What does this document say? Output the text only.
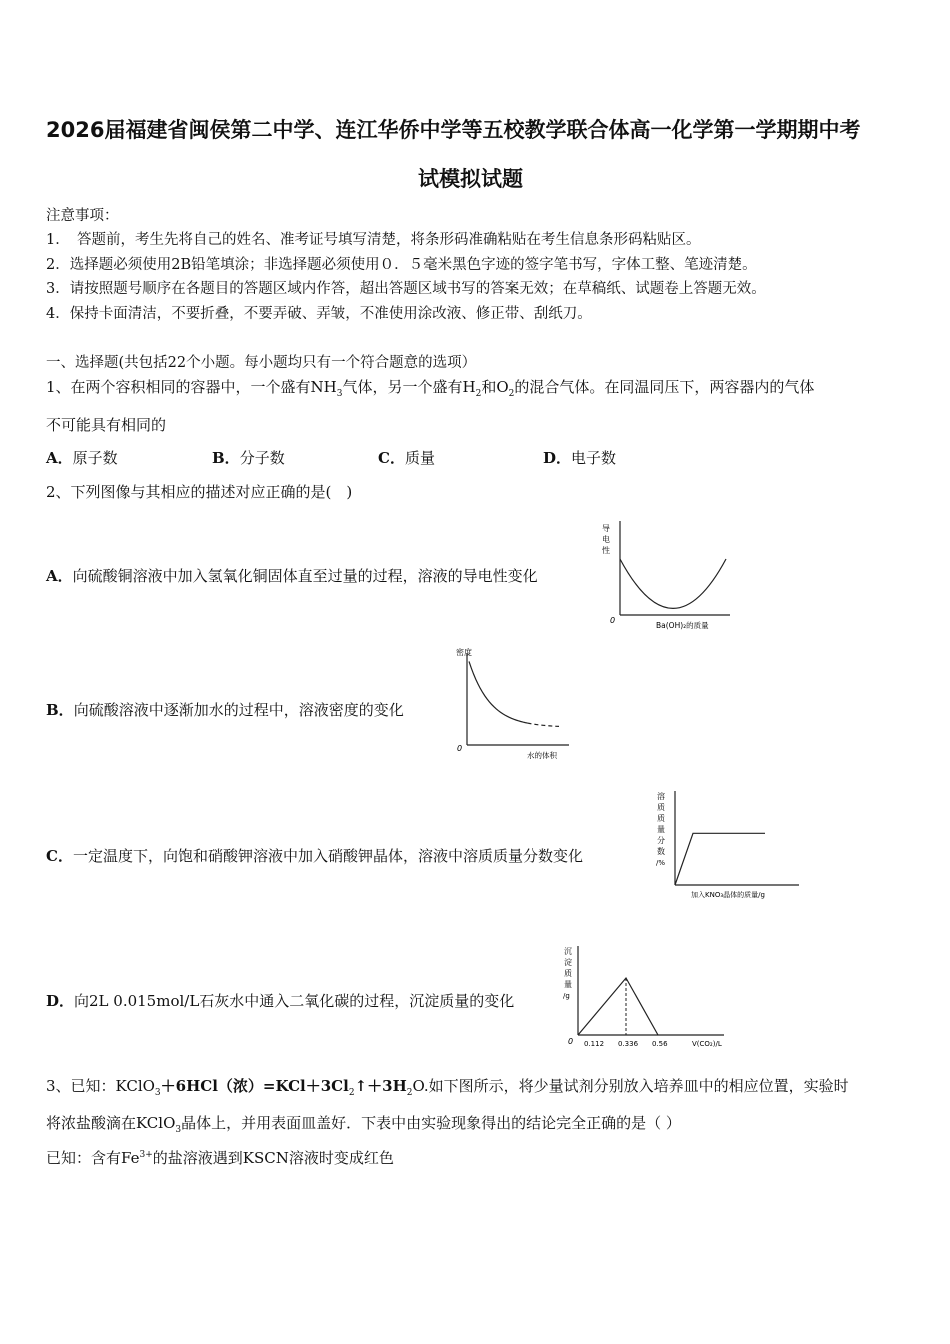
2026届福建省闽侯第二中学、连江华侨中学等五校教学联合体高一化学第一学期期中考
试模拟试题
注意事项：
1．　答题前，考生先将自己的姓名、准考证号填写清楚，将条形码准确粘贴在考生信息条形码粘贴区。
2．选择题必须使用2B铅笔填涂；非选择题必须使用０．５毫米黑色字迹的签字笔书写，字体工整、笔迹清楚。
3．请按照题号顺序在各题目的答题区域内作答，超出答题区域书写的答案无效；在草稿纸、试题卷上答题无效。
4．保持卡面清洁，不要折叠，不要弄破、弄皱，不准使用涂改液、修正带、刮纸刀。
一、选择题(共包括22个小题。每小题均只有一个符合题意的选项）
1、在两个容积相同的容器中，一个盛有$NH_3$气体，另一个盛有$H_2$和$O_2$的混合气体。在同温同压下，两容器内的气体
不可能具有相同的
A．原子数	B．分子数	C．质量	D．电子数
2、下列图像与其相应的描述对应正确的是(　)
A．向硫酸铜溶液中加入氢氧化铜固体直至过量的过程，溶液的导电性变化
B．向硫酸溶液中逐渐加水的过程中，溶液密度的变化
C．一定温度下，向饱和硝酸钾溶液中加入硝酸钾晶体，溶液中溶质质量分数变化
D．向2L 0.015mol/L石灰水中通入二氧化碳的过程，沉淀质量的变化
导
电
性
0
Ba(OH)₂的质量
密度
0
水的体积
溶
质
质
量
分
数
/%
加入KNO₃晶体的质量/g
沉
淀
质
量
/g
0 0.112 0.336 0.56	V(CO₂)/L
3、已知：KClO$_3$＋6HCl（浓）$=KCl+3Cl_2↑+3H_2O$.如下图所示，将少量试剂分别放入培养皿中的相应位置，实验时
将浓盐酸滴在KClO$_3$晶体上，并用表面皿盖好．下表中由实验现象得出的结论完全正确的是（ ）
已知：含有$Fe^{3+}$的盐溶液遇到KSCN溶液时变成红色
